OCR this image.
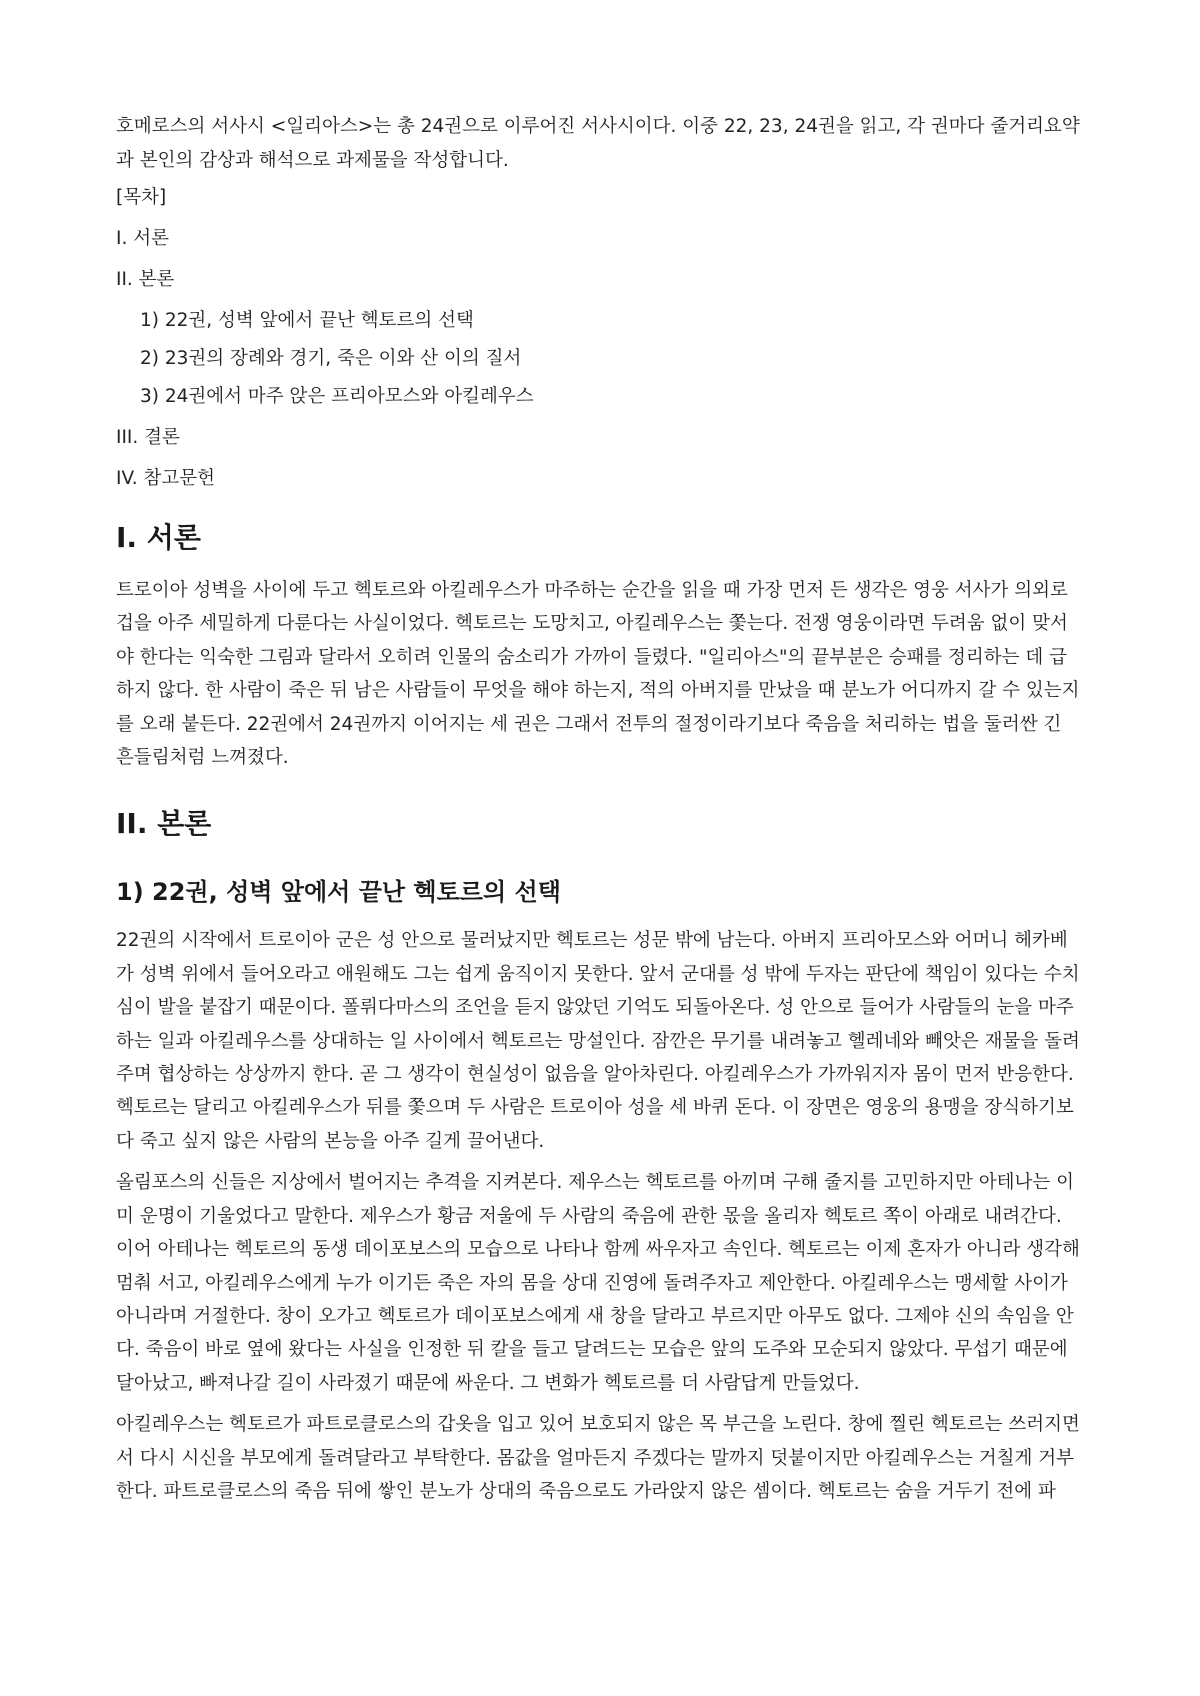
호메로스의 서사시 <일리아스>는 총 24권으로 이루어진 서사시이다. 이중 22, 23, 24권을 읽고, 각 권마다 줄거리요약과 본인의 감상과 해석으로 과제물을 작성합니다.

[목차]

I. 서론

II. 본론

1) 22권, 성벽 앞에서 끝난 헥토르의 선택

2) 23권의 장례와 경기, 죽은 이와 산 이의 질서

3) 24권에서 마주 앉은 프리아모스와 아킬레우스

III. 결론

IV. 참고문헌

I. 서론

트로이아 성벽을 사이에 두고 헥토르와 아킬레우스가 마주하는 순간을 읽을 때 가장 먼저 든 생각은 영웅 서사가 의외로 겁을 아주 세밀하게 다룬다는 사실이었다. 헥토르는 도망치고, 아킬레우스는 쫓는다. 전쟁 영웅이라면 두려움 없이 맞서야 한다는 익숙한 그림과 달라서 오히려 인물의 숨소리가 가까이 들렸다. "일리아스"의 끝부분은 승패를 정리하는 데 급하지 않다. 한 사람이 죽은 뒤 남은 사람들이 무엇을 해야 하는지, 적의 아버지를 만났을 때 분노가 어디까지 갈 수 있는지를 오래 붙든다. 22권에서 24권까지 이어지는 세 권은 그래서 전투의 절정이라기보다 죽음을 처리하는 법을 둘러싼 긴 흔들림처럼 느껴졌다.

II. 본론
1) 22권, 성벽 앞에서 끝난 헥토르의 선택

22권의 시작에서 트로이아 군은 성 안으로 물러났지만 헥토르는 성문 밖에 남는다. 아버지 프리아모스와 어머니 헤카베가 성벽 위에서 들어오라고 애원해도 그는 쉽게 움직이지 못한다. 앞서 군대를 성 밖에 두자는 판단에 책임이 있다는 수치심이 발을 붙잡기 때문이다. 폴뤼다마스의 조언을 듣지 않았던 기억도 되돌아온다. 성 안으로 들어가 사람들의 눈을 마주하는 일과 아킬레우스를 상대하는 일 사이에서 헥토르는 망설인다. 잠깐은 무기를 내려놓고 헬레네와 빼앗은 재물을 돌려주며 협상하는 상상까지 한다. 곧 그 생각이 현실성이 없음을 알아차린다. 아킬레우스가 가까워지자 몸이 먼저 반응한다. 헥토르는 달리고 아킬레우스가 뒤를 쫓으며 두 사람은 트로이아 성을 세 바퀴 돈다. 이 장면은 영웅의 용맹을 장식하기보다 죽고 싶지 않은 사람의 본능을 아주 길게 끌어낸다.

올림포스의 신들은 지상에서 벌어지는 추격을 지켜본다. 제우스는 헥토르를 아끼며 구해 줄지를 고민하지만 아테나는 이미 운명이 기울었다고 말한다. 제우스가 황금 저울에 두 사람의 죽음에 관한 몫을 올리자 헥토르 쪽이 아래로 내려간다. 이어 아테나는 헥토르의 동생 데이포보스의 모습으로 나타나 함께 싸우자고 속인다. 헥토르는 이제 혼자가 아니라 생각해 멈춰 서고, 아킬레우스에게 누가 이기든 죽은 자의 몸을 상대 진영에 돌려주자고 제안한다. 아킬레우스는 맹세할 사이가 아니라며 거절한다. 창이 오가고 헥토르가 데이포보스에게 새 창을 달라고 부르지만 아무도 없다. 그제야 신의 속임을 안다. 죽음이 바로 옆에 왔다는 사실을 인정한 뒤 칼을 들고 달려드는 모습은 앞의 도주와 모순되지 않았다. 무섭기 때문에 달아났고, 빠져나갈 길이 사라졌기 때문에 싸운다. 그 변화가 헥토르를 더 사람답게 만들었다.

아킬레우스는 헥토르가 파트로클로스의 갑옷을 입고 있어 보호되지 않은 목 부근을 노린다. 창에 찔린 헥토르는 쓰러지면서 다시 시신을 부모에게 돌려달라고 부탁한다. 몸값을 얼마든지 주겠다는 말까지 덧붙이지만 아킬레우스는 거칠게 거부한다. 파트로클로스의 죽음 뒤에 쌓인 분노가 상대의 죽음으로도 가라앉지 않은 셈이다. 헥토르는 숨을 거두기 전에 파
